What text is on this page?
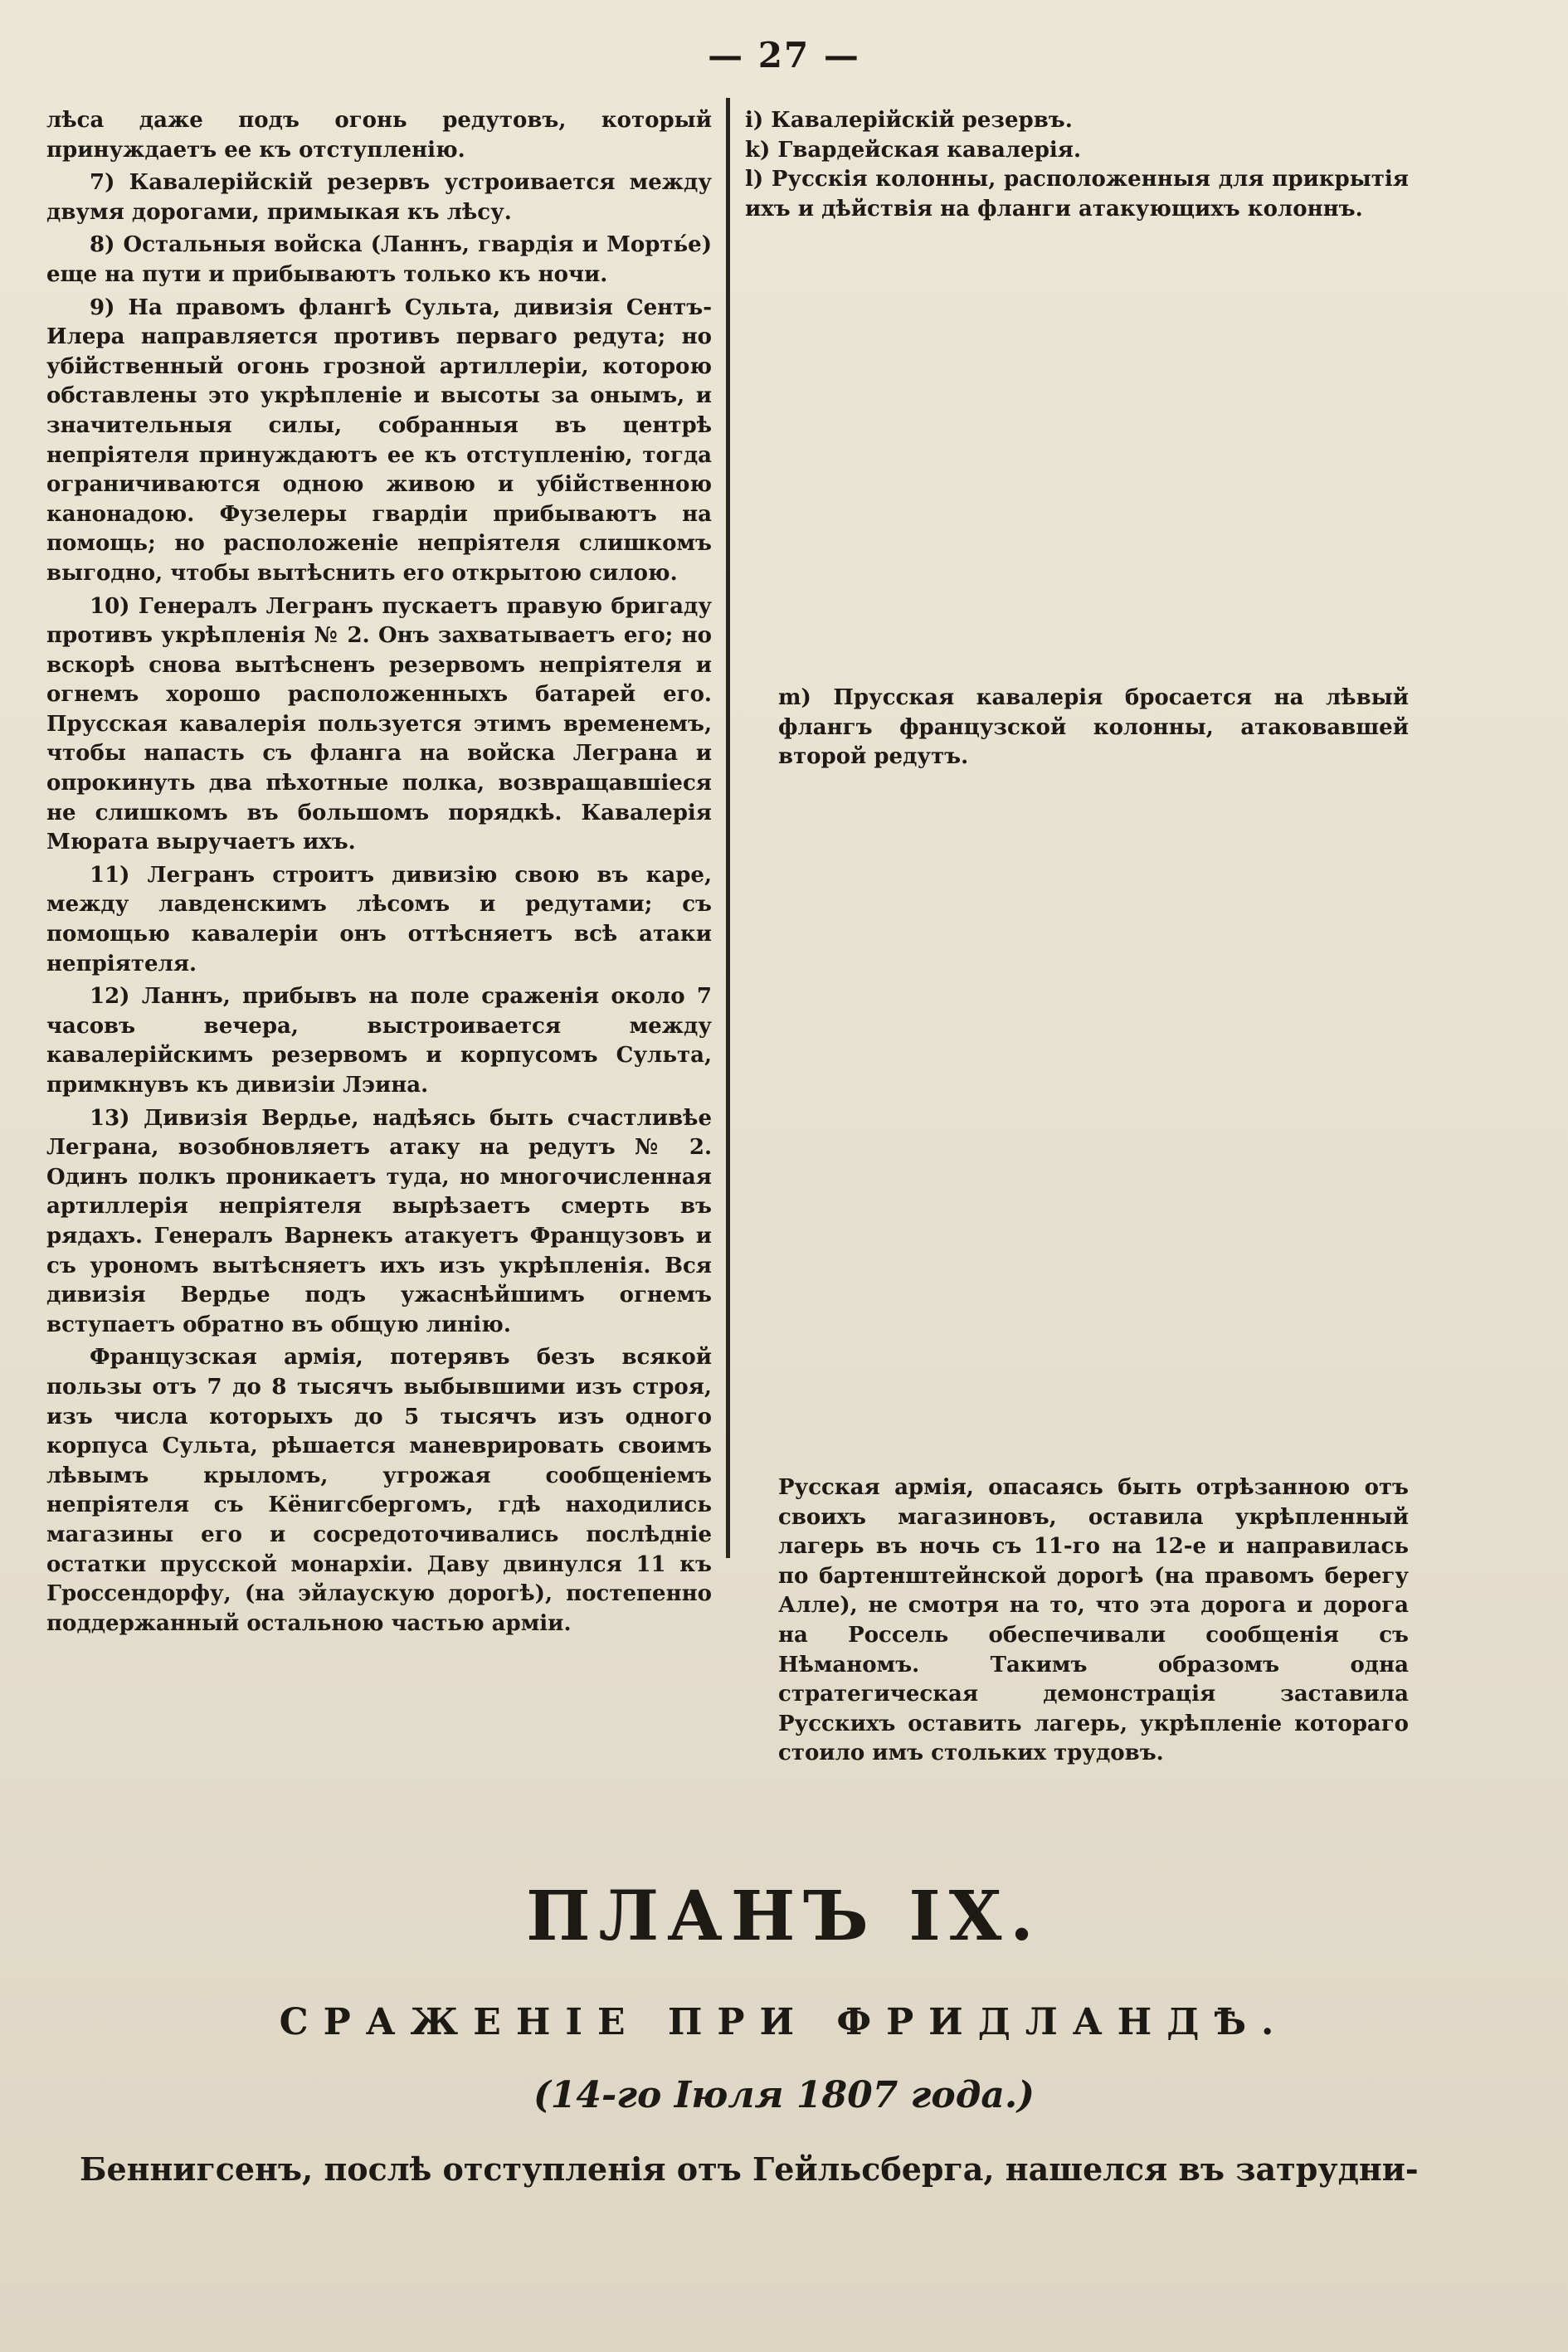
— 27 —

лѣса даже подъ огонь редутовъ, который принуждаетъ ее къ отступленію.

7) Кавалерійскій резервъ устроивается между двумя дорогами, примыкая къ лѣсу.

8) Остальныя войска (Ланнъ, гвардія и Морть́е) еще на пути и прибываютъ только къ ночи.

9) На правомъ флангѣ Сульта, дивизія Сентъ-Илера направляется противъ перваго редута; но убійственный огонь грозной артиллеріи, которою обставлены это укрѣпленіе и высоты за онымъ, и значительныя силы, собранныя въ центрѣ непріятеля принуждаютъ ее къ отступленію, тогда ограничиваются одною живою и убійственною канонадою. Фузелеры гвардіи прибываютъ на помощь; но расположеніе непріятеля слишкомъ выгодно, чтобы вытѣснить его открытою силою.

10) Генералъ Легранъ пускаетъ правую бригаду противъ укрѣпленія № 2. Онъ захватываетъ его; но вскорѣ снова вытѣсненъ резервомъ непріятеля и огнемъ хорошо расположенныхъ батарей его. Прусская кавалерія пользуется этимъ временемъ, чтобы напасть съ фланга на войска Леграна и опрокинуть два пѣхотные полка, возвращавшіеся не слишкомъ въ большомъ порядкѣ. Кавалерія Мюрата выручаетъ ихъ.

11) Легранъ строитъ дивизію свою въ каре, между лавденскимъ лѣсомъ и редутами; съ помощью кавалеріи онъ оттѣсняетъ всѣ атаки непріятеля.

12) Ланнъ, прибывъ на поле сраженія около 7 часовъ вечера, выстроивается между кавалерійскимъ резервомъ и корпусомъ Сульта, примкнувъ къ дивизіи Лэина.

13) Дивизія Вердье, надѣясь быть счастливѣе Леграна, возобновляетъ атаку на редутъ № 2. Одинъ полкъ проникаетъ туда, но многочисленная артиллерія непріятеля вырѣзаетъ смерть въ рядахъ. Генералъ Варнекъ атакуетъ Французовъ и съ урономъ вытѣсняетъ ихъ изъ укрѣпленія. Вся дивизія Вердье подъ ужаснѣйшимъ огнемъ вступаетъ обратно въ общую линію.

Французская армія, потерявъ безъ всякой пользы отъ 7 до 8 тысячъ выбывшими изъ строя, изъ числа которыхъ до 5 тысячъ изъ одного корпуса Сульта, рѣшается маневрировать своимъ лѣвымъ крыломъ, угрожая сообщеніемъ непріятеля съ Кёнигсбергомъ, гдѣ находились магазины его и сосредоточивались послѣдніе остатки прусской монархіи. Даву двинулся 11 къ Гроссендорфу, (на эйлаускую дорогѣ), постепенно поддержанный остальною частью арміи.

i) Кавалерійскій резервъ.

k) Гвардейская кавалерія.

l) Русскія колонны, расположенныя для прикрытія ихъ и дѣйствія на фланги атакующихъ колоннъ.

m) Прусская кавалерія бросается на лѣвый флангъ французской колонны, атаковавшей второй редутъ.

Русская армія, опасаясь быть отрѣзанною отъ своихъ магазиновъ, оставила укрѣпленный лагерь въ ночь съ 11-го на 12-е и направилась по бартенштейнской дорогѣ (на правомъ берегу Алле), не смотря на то, что эта дорога и дорога на Россель обеспечивали сообщенія съ Нѣманомъ. Такимъ образомъ одна стратегическая демонстрація заставила Русскихъ оставить лагерь, укрѣпленіе котораго стоило имъ стольких трудовъ.

ПЛАНЪ IX.
СРАЖЕНІЕ ПРИ ФРИДЛАНДѢ.
(14-го Іюля 1807 года.)
Беннигсенъ, послѣ отступленія отъ Гейльсберга, нашелся въ затрудни-
